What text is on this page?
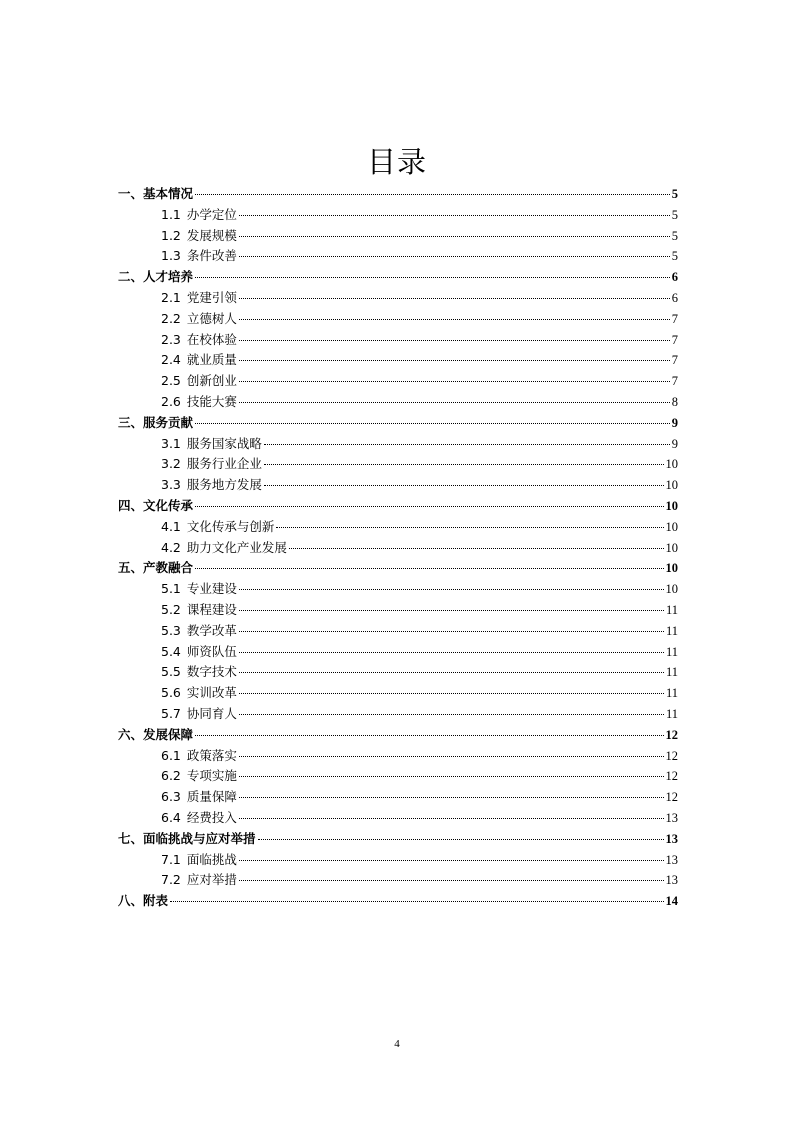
目录
一、基本情况	5
1.1 办学定位	5
1.2 发展规模	5
1.3 条件改善	5
二、人才培养	6
2.1 党建引领	6
2.2 立德树人	7
2.3 在校体验	7
2.4 就业质量	7
2.5 创新创业	7
2.6 技能大赛	8
三、服务贡献	9
3.1 服务国家战略	9
3.2 服务行业企业	10
3.3 服务地方发展	10
四、文化传承	10
4.1 文化传承与创新	10
4.2 助力文化产业发展	10
五、产教融合	10
5.1 专业建设	10
5.2 课程建设	11
5.3 教学改革	11
5.4 师资队伍	11
5.5 数字技术	11
5.6 实训改革	11
5.7 协同育人	11
六、发展保障	12
6.1 政策落实	12
6.2 专项实施	12
6.3 质量保障	12
6.4 经费投入	13
七、面临挑战与应对举措	13
7.1 面临挑战	13
7.2 应对举措	13
八、附表	14
4
